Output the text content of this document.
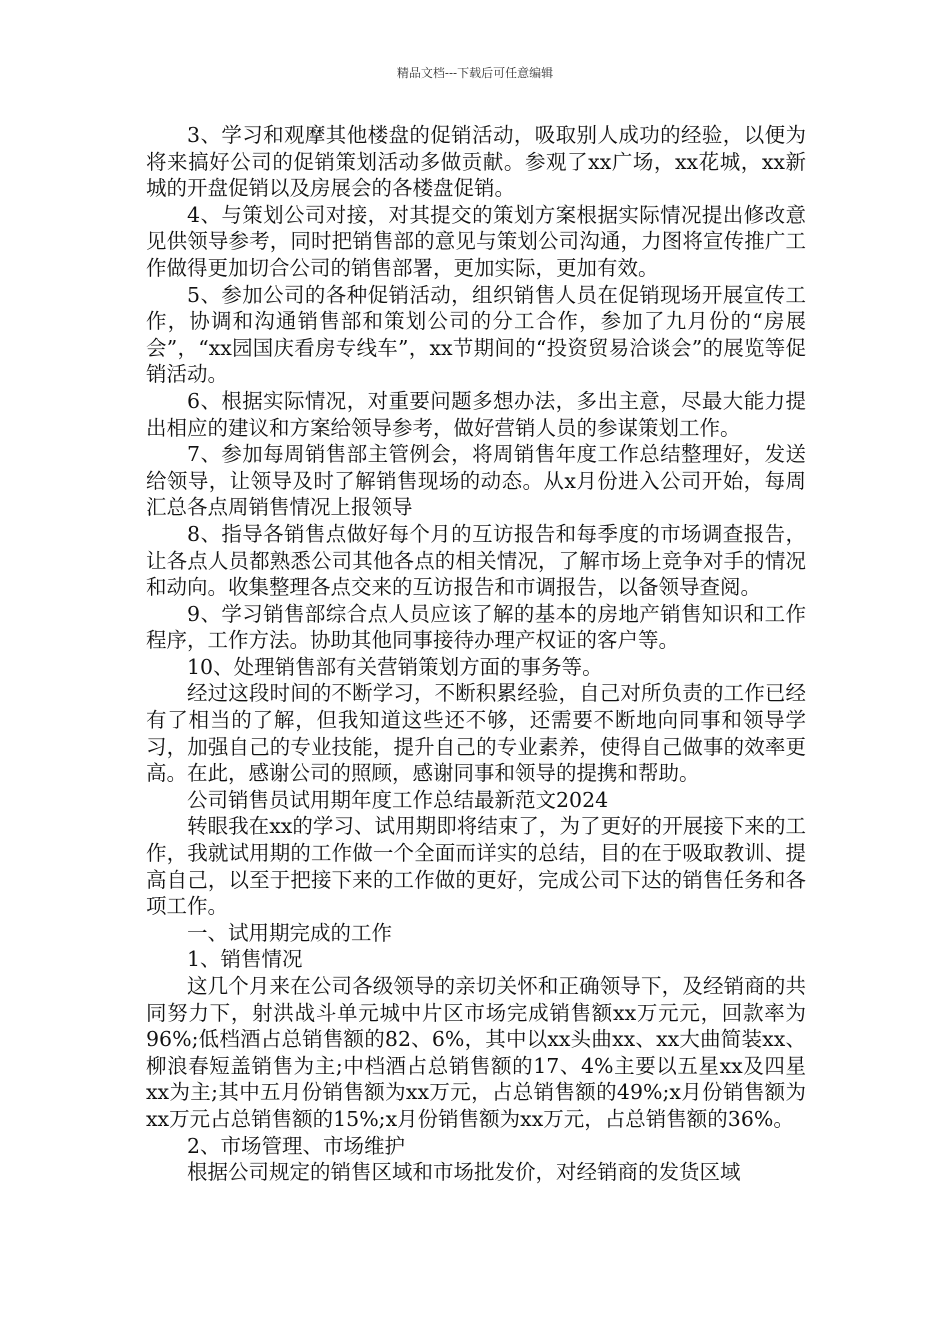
精品文档---下载后可任意编辑

3、学习和观摩其他楼盘的促销活动，吸取别人成功的经验，以便为将来搞好公司的促销策划活动多做贡献。参观了xx广场，xx花城，xx新城的开盘促销以及房展会的各楼盘促销。

4、与策划公司对接，对其提交的策划方案根据实际情况提出修改意见供领导参考，同时把销售部的意见与策划公司沟通，力图将宣传推广工作做得更加切合公司的销售部署，更加实际，更加有效。

5、参加公司的各种促销活动，组织销售人员在促销现场开展宣传工作，协调和沟通销售部和策划公司的分工合作，参加了九月份的“房展会”，“xx园国庆看房专线车”，xx节期间的“投资贸易洽谈会”的展览等促销活动。

6、根据实际情况，对重要问题多想办法，多出主意，尽最大能力提出相应的建议和方案给领导参考，做好营销人员的参谋策划工作。

7、参加每周销售部主管例会，将周销售年度工作总结整理好，发送给领导，让领导及时了解销售现场的动态。从x月份进入公司开始，每周汇总各点周销售情况上报领导

8、指导各销售点做好每个月的互访报告和每季度的市场调查报告，让各点人员都熟悉公司其他各点的相关情况，了解市场上竞争对手的情况和动向。收集整理各点交来的互访报告和市调报告，以备领导查阅。

9、学习销售部综合点人员应该了解的基本的房地产销售知识和工作程序，工作方法。协助其他同事接待办理产权证的客户等。

10、处理销售部有关营销策划方面的事务等。

经过这段时间的不断学习，不断积累经验，自己对所负责的工作已经有了相当的了解，但我知道这些还不够，还需要不断地向同事和领导学习，加强自己的专业技能，提升自己的专业素养，使得自己做事的效率更高。在此，感谢公司的照顾，感谢同事和领导的提携和帮助。

公司销售员试用期年度工作总结最新范文2024

转眼我在xx的学习、试用期即将结束了，为了更好的开展接下来的工作，我就试用期的工作做一个全面而详实的总结，目的在于吸取教训、提高自己，以至于把接下来的工作做的更好，完成公司下达的销售任务和各项工作。

一、试用期完成的工作

1、销售情况

这几个月来在公司各级领导的亲切关怀和正确领导下，及经销商的共同努力下，射洪战斗单元城中片区市场完成销售额xx万元元，回款率为96%;低档酒占总销售额的82、6%，其中以xx头曲xx、xx大曲简装xx、柳浪春短盖销售为主;中档酒占总销售额的17、4%主要以五星xx及四星xx为主;其中五月份销售额为xx万元，占总销售额的49%;x月份销售额为xx万元占总销售额的15%;x月份销售额为xx万元，占总销售额的36%。

2、市场管理、市场维护

根据公司规定的销售区域和市场批发价，对经销商的发货区域
